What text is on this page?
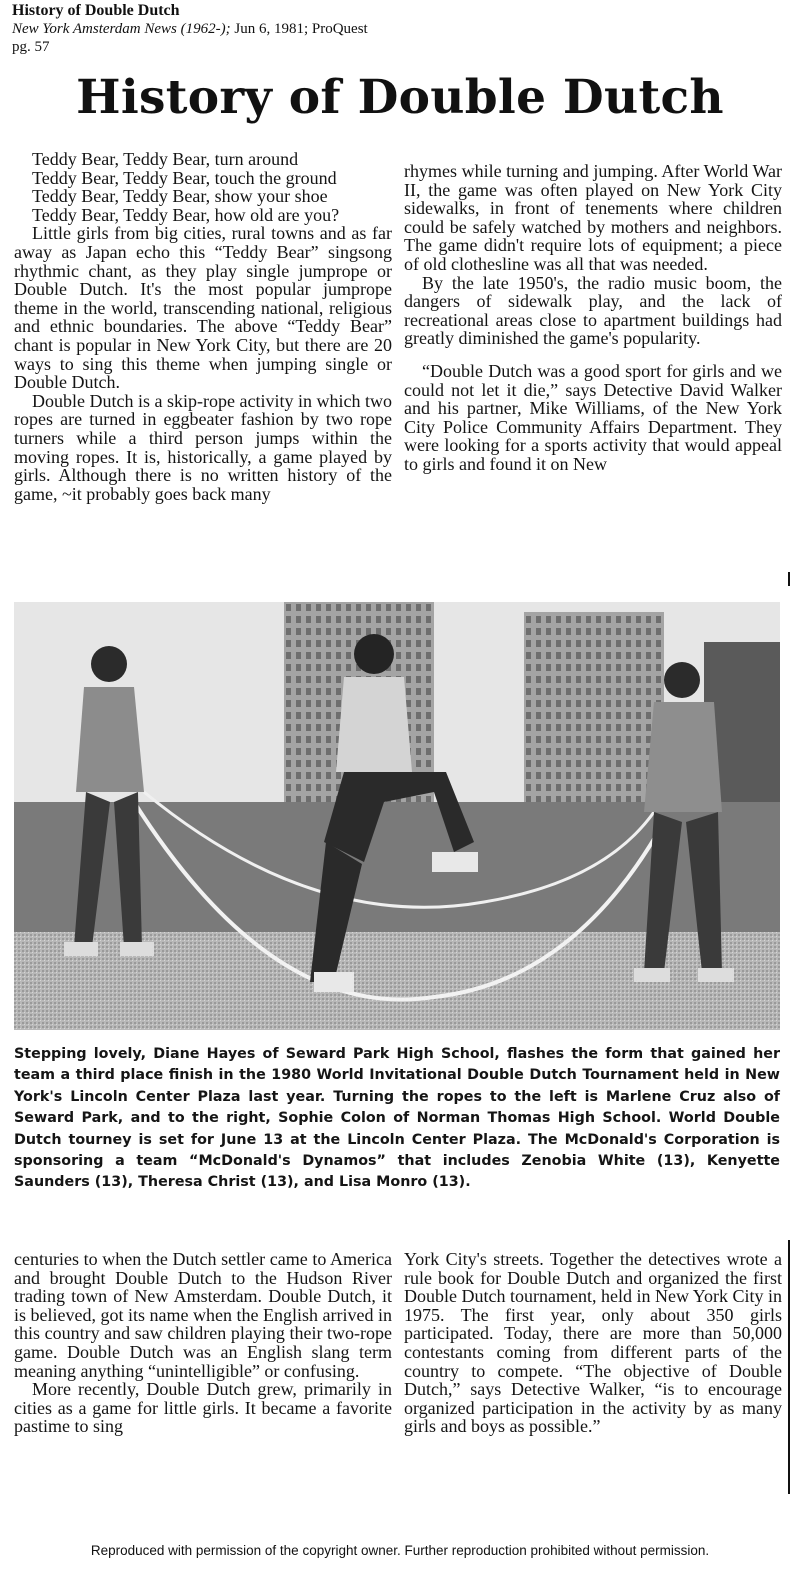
History of Double Dutch
New York Amsterdam News (1962-); Jun 6, 1981; ProQuest
pg. 57
History of Double Dutch
Teddy Bear, Teddy Bear, turn around
Teddy Bear, Teddy Bear, touch the ground
Teddy Bear, Teddy Bear, show your shoe
Teddy Bear, Teddy Bear, how old are you?

Little girls from big cities, rural towns and as far away as Japan echo this “Teddy Bear” singsong rhythmic chant, as they play single jumprope or Double Dutch. It's the most popular jumprope theme in the world, transcending national, religious and ethnic boundaries. The above “Teddy Bear” chant is popular in New York City, but there are 20 ways to sing this theme when jumping single or Double Dutch.

Double Dutch is a skip-rope activity in which two ropes are turned in eggbeater fashion by two rope turners while a third person jumps within the moving ropes. It is, historically, a game played by girls. Although there is no written history of the game, ~it probably goes back many

rhymes while turning and jumping. After World War II, the game was often played on New York City sidewalks, in front of tenements where children could be safely watched by mothers and neighbors. The game didn't require lots of equipment; a piece of old clothesline was all that was needed.

By the late 1950's, the radio music boom, the dangers of sidewalk play, and the lack of recreational areas close to apartment buildings had greatly diminished the game's popularity.

“Double Dutch was a good sport for girls and we could not let it die,” says Detective David Walker and his partner, Mike Williams, of the New York City Police Community Affairs Department. They were looking for a sports activity that would appeal to girls and found it on New

Stepping lovely, Diane Hayes of Seward Park High School, flashes the form that gained her team a third place finish in the 1980 World Invitational Double Dutch Tournament held in New York's Lincoln Center Plaza last year. Turning the ropes to the left is Marlene Cruz also of Seward Park, and to the right, Sophie Colon of Norman Thomas High School. World Double Dutch tourney is set for June 13 at the Lincoln Center Plaza. The McDonald's Corporation is sponsoring a team “McDonald's Dynamos” that includes Zenobia White (13), Kenyette Saunders (13), Theresa Christ (13), and Lisa Monro (13).

centuries to when the Dutch settler came to America and brought Double Dutch to the Hudson River trading town of New Amsterdam. Double Dutch, it is believed, got its name when the English arrived in this country and saw children playing their two-rope game. Double Dutch was an English slang term meaning anything “unintelligible” or confusing.

More recently, Double Dutch grew, primarily in cities as a game for little girls. It became a favorite pastime to sing

York City's streets. Together the detectives wrote a rule book for Double Dutch and organized the first Double Dutch tournament, held in New York City in 1975. The first year, only about 350 girls participated. Today, there are more than 50,000 contestants coming from different parts of the country to compete. “The objective of Double Dutch,” says Detective Walker, “is to encourage organized participation in the activity by as many girls and boys as possible.”

Reproduced with permission of the copyright owner. Further reproduction prohibited without permission.
